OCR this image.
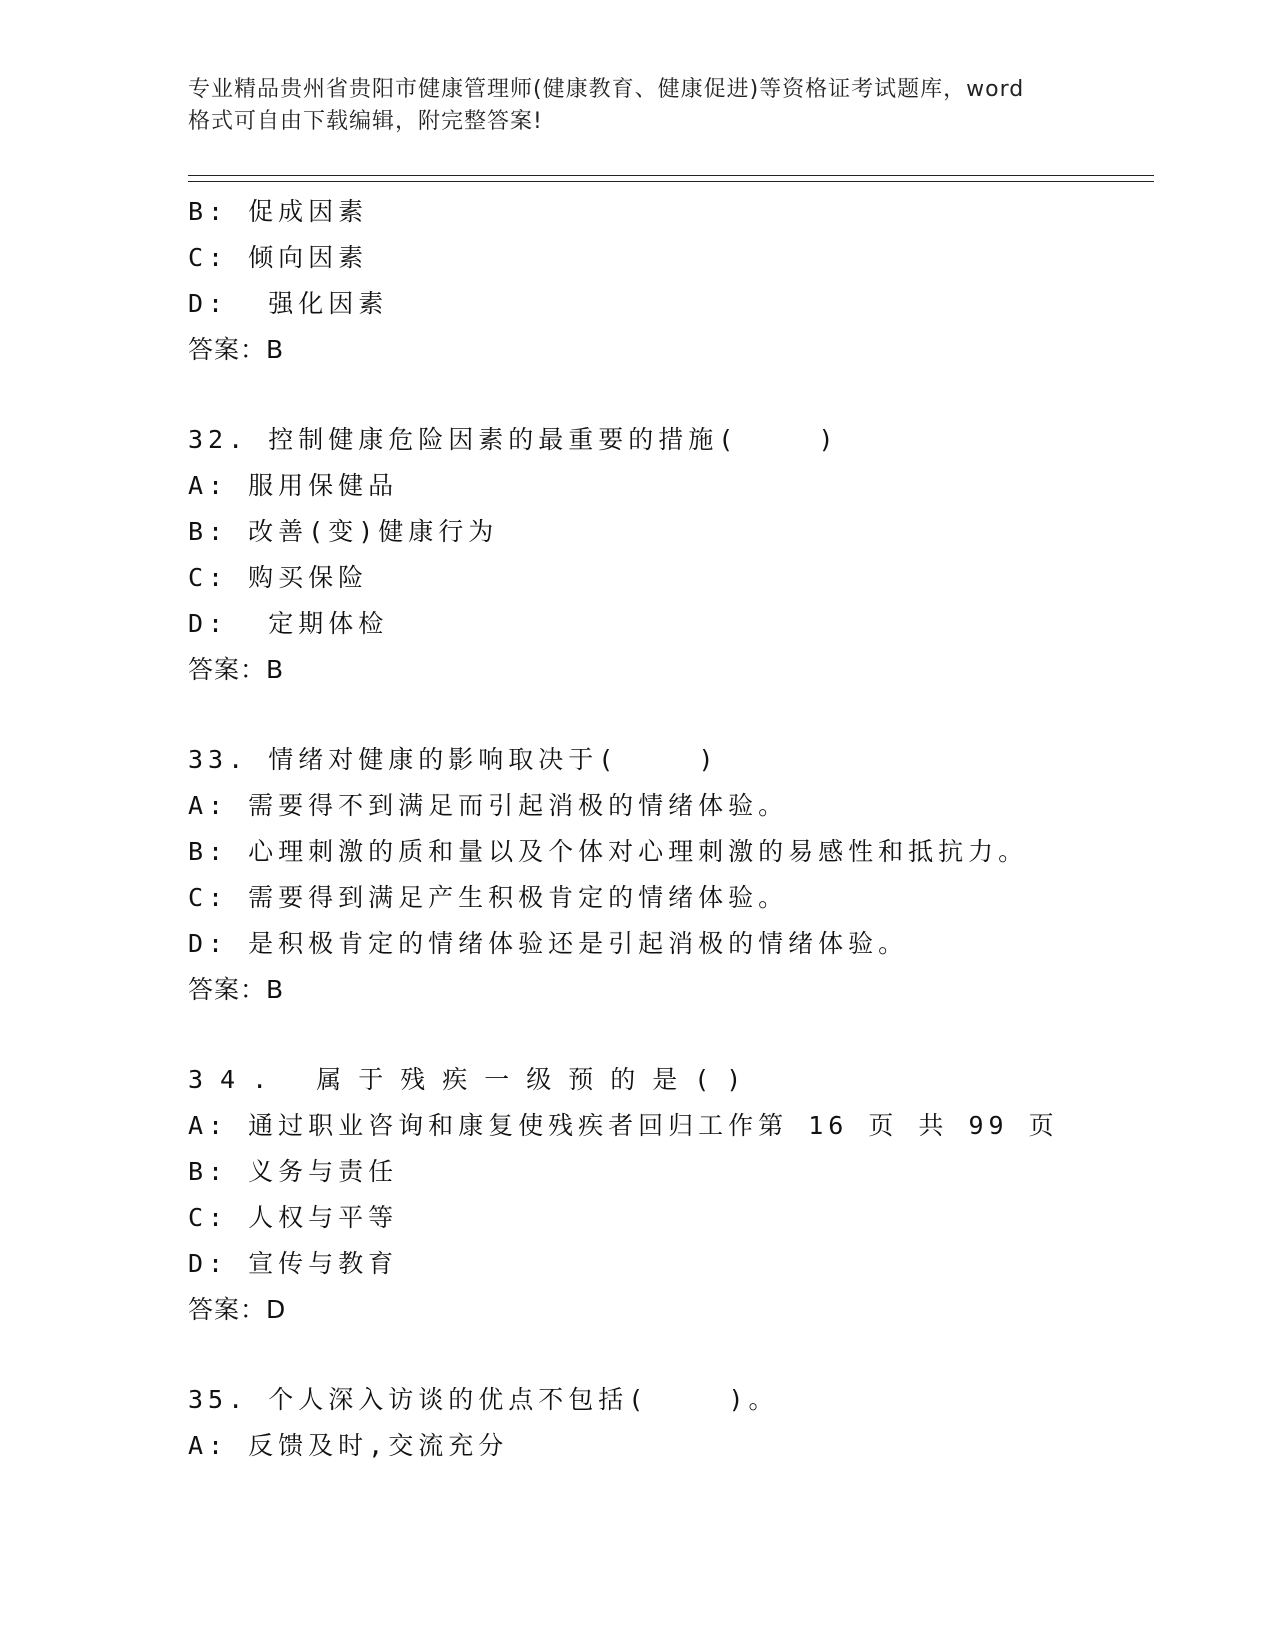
专业精品贵州省贵阳市健康管理师(健康教育、健康促进)等资格证考试题库，word
格式可自由下载编辑，附完整答案!
B: 促成因素
C: 倾向因素
D:  强化因素
答案：B
32. 控制健康危险因素的最重要的措施(    )
A: 服用保健品
B: 改善(变)健康行为
C: 购买保险
D:  定期体检
答案：B
33. 情绪对健康的影响取决于(    )
A: 需要得不到满足而引起消极的情绪体验。
B: 心理刺激的质和量以及个体对心理刺激的易感性和抵抗力。
C: 需要得到满足产生积极肯定的情绪体验。
D: 是积极肯定的情绪体验还是引起消极的情绪体验。
答案：B
34. 属于残疾一级预的是()
A: 通过职业咨询和康复使残疾者回归工作第 16 页 共 99 页
B: 义务与责任
C: 人权与平等
D: 宣传与教育
答案：D
35. 个人深入访谈的优点不包括(    )。
A: 反馈及时,交流充分
